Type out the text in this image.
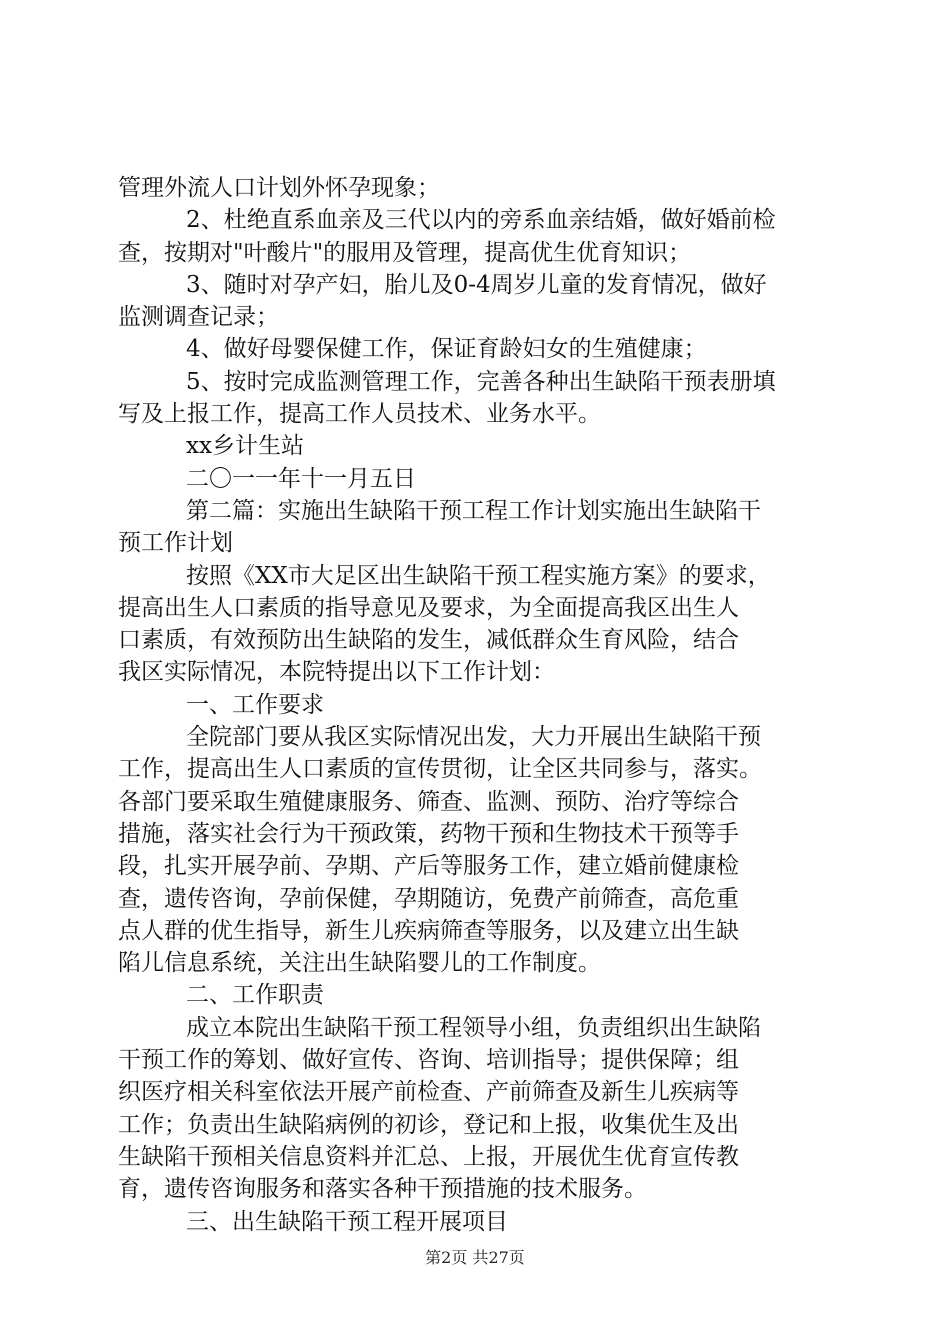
管理外流人口计划外怀孕现象；

2、杜绝直系血亲及三代以内的旁系血亲结婚，做好婚前检

查，按期对"叶酸片"的服用及管理，提高优生优育知识；

3、随时对孕产妇，胎儿及0-4周岁儿童的发育情况，做好

监测调查记录；

4、做好母婴保健工作，保证育龄妇女的生殖健康；

5、按时完成监测管理工作，完善各种出生缺陷干预表册填

写及上报工作，提高工作人员技术、业务水平。

xx乡计生站

二〇一一年十一月五日

第二篇：实施出生缺陷干预工程工作计划实施出生缺陷干

预工作计划

按照《XX市大足区出生缺陷干预工程实施方案》的要求，

提高出生人口素质的指导意见及要求，为全面提高我区出生人

口素质，有效预防出生缺陷的发生，减低群众生育风险，结合

我区实际情况，本院特提出以下工作计划：

一、工作要求

全院部门要从我区实际情况出发，大力开展出生缺陷干预

工作，提高出生人口素质的宣传贯彻，让全区共同参与，落实。

各部门要采取生殖健康服务、筛查、监测、预防、治疗等综合

措施，落实社会行为干预政策，药物干预和生物技术干预等手

段，扎实开展孕前、孕期、产后等服务工作，建立婚前健康检

查，遗传咨询，孕前保健，孕期随访，免费产前筛查，高危重

点人群的优生指导，新生儿疾病筛查等服务，以及建立出生缺

陷儿信息系统，关注出生缺陷婴儿的工作制度。

二、工作职责

成立本院出生缺陷干预工程领导小组，负责组织出生缺陷

干预工作的筹划、做好宣传、咨询、培训指导；提供保障；组

织医疗相关科室依法开展产前检查、产前筛查及新生儿疾病等

工作；负责出生缺陷病例的初诊，登记和上报，收集优生及出

生缺陷干预相关信息资料并汇总、上报，开展优生优育宣传教

育，遗传咨询服务和落实各种干预措施的技术服务。

三、出生缺陷干预工程开展项目

第2页 共27页
